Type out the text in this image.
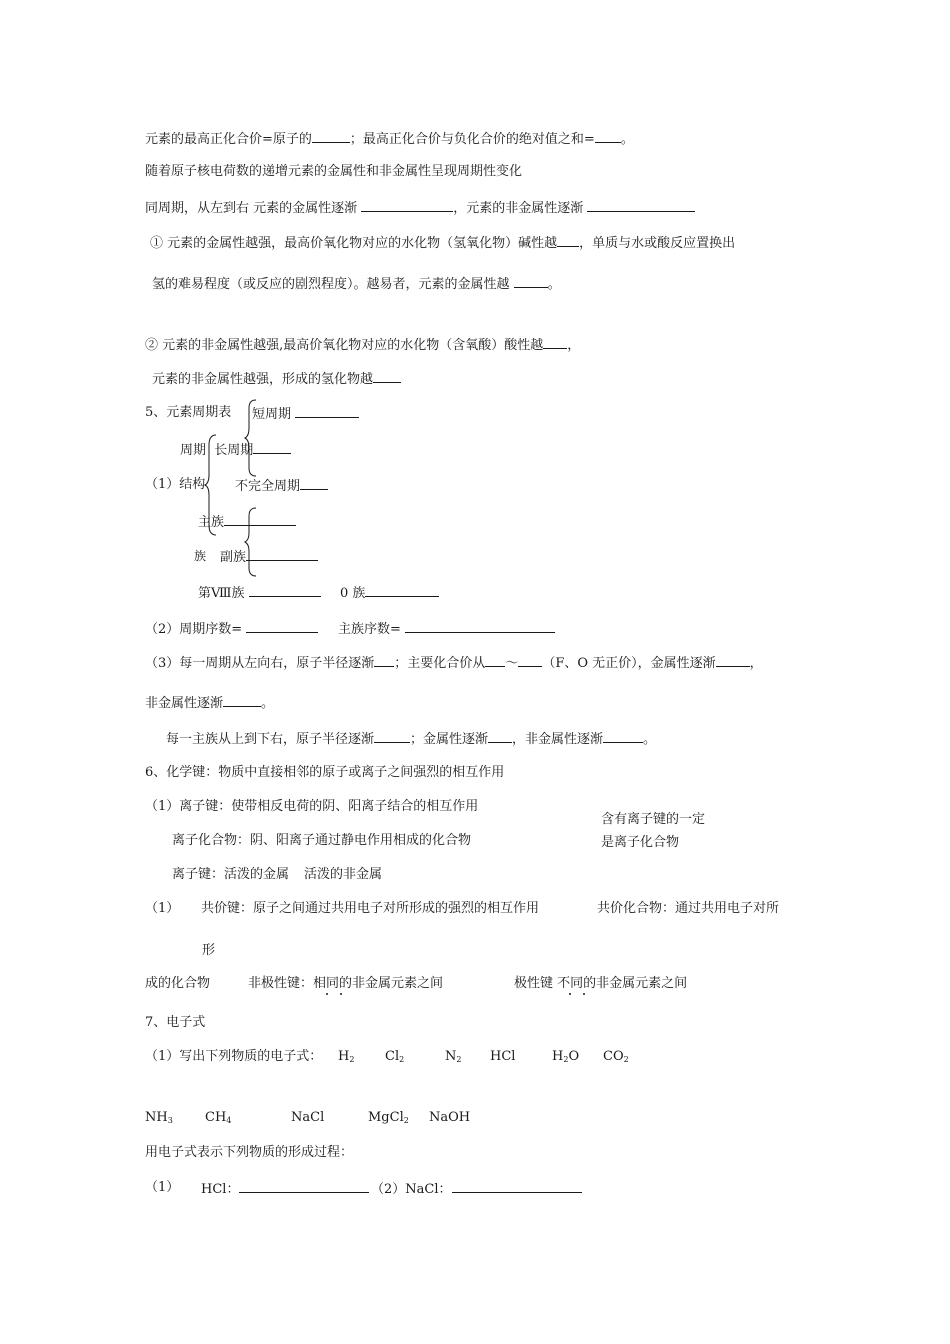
元素的最高正化合价=原子的	；最高正化合价与负化合价的绝对值之和= 。
随着原子核电荷数的递增元素的金属性和非金属性呈现周期性变化
同周期，从左到右 元素的金属性逐渐	，元素的非金属性逐渐
① 元素的金属性越强，最高价氧化物对应的水化物（氢氧化物）碱性越 ，单质与水或酸反应置换出
氢的难易程度（或反应的剧烈程度）。越易者，元素的金属性越	。
② 元素的非金属性越强,最高价氧化物对应的水化物（含氧酸）酸性越 ，
元素的非金属性越强，形成的氢化物越
5、元素周期表 短周期
周期 长周期
（1）结构 不完全周期
主族
族 副族
第Ⅷ族	0 族
（2）周期序数=	主族序数=
（3）每一周期从左向右，原子半径逐渐 ；主要化合价从 ～ （F、O 无正价），金属性逐渐	，
非金属性逐渐	。
每一主族从上到下右，原子半径逐渐	；金属性逐渐 ，非金属性逐渐	。
6、化学键：物质中直接相邻的原子或离子之间强烈的相互作用
（1）离子键：使带相反电荷的阴、阳离子结合的相互作用
含有离子键的一定
是离子化合物
离子化合物：阴、阳离子通过静电作用相成的化合物
离子键：活泼的金属 活泼的非金属
（1） 共价键：原子之间通过共用电子对所形成的强烈的相互作用	共价化合物：通过共用电子对所
形
成的化合物	非极性键：相同的非金属元素之间	极性键 不同的非金属元素之间
7、电子式
（1）写出下列物质的电子式： $H_2$ $Cl_2$	$N_2$ HCl	$H_2O$ $CO_2$
$NH_3$ $CH_4$	NaCl	MgCl$_2$ NaOH
用电子式表示下列物质的形成过程：
（1） HCl：	（2）NaCl：
